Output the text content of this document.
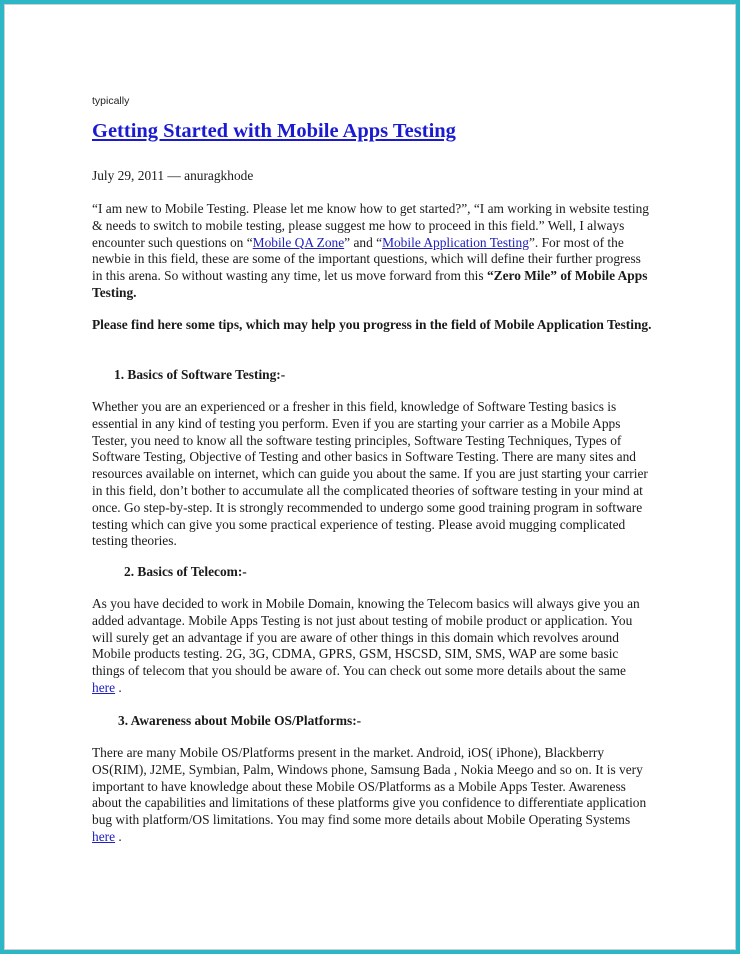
typically
Getting Started with Mobile Apps Testing
July 29, 2011 — anuragkhode

“I am new to Mobile Testing. Please let me know how to get started?”, “I am working in website testing & needs to switch to mobile testing, please suggest me how to proceed in this field.” Well, I always encounter such questions on “Mobile QA Zone” and “Mobile Application Testing”. For most of the newbie in this field, these are some of the important questions, which will define their further progress in this arena. So without wasting any time, let us move forward from this “Zero Mile” of Mobile Apps Testing.

Please find here some tips, which may help you progress in the field of Mobile Application Testing.

1. Basics of Software Testing:-

Whether you are an experienced or a fresher in this field, knowledge of Software Testing basics is essential in any kind of testing you perform. Even if you are starting your carrier as a Mobile Apps Tester, you need to know all the software testing principles, Software Testing Techniques, Types of Software Testing, Objective of Testing and other basics in Software Testing. There are many sites and resources available on internet, which can guide you about the same. If you are just starting your carrier in this field, don’t bother to accumulate all the complicated theories of software testing in your mind at once. Go step-by-step. It is strongly recommended to undergo some good training program in software testing which can give you some practical experience of testing. Please avoid mugging complicated testing theories.

2. Basics of Telecom:-

As you have decided to work in Mobile Domain, knowing the Telecom basics will always give you an added advantage. Mobile Apps Testing is not just about testing of mobile product or application. You will surely get an advantage if you are aware of other things in this domain which revolves around Mobile products testing. 2G, 3G, CDMA, GPRS, GSM, HSCSD, SIM, SMS, WAP are some basic things of telecom that you should be aware of. You can check out some more details about the same here .

3. Awareness about Mobile OS/Platforms:-

There are many Mobile OS/Platforms present in the market. Android, iOS( iPhone), Blackberry OS(RIM), J2ME, Symbian, Palm, Windows phone, Samsung Bada , Nokia Meego and so on. It is very important to have knowledge about these Mobile OS/Platforms as a Mobile Apps Tester. Awareness about the capabilities and limitations of these platforms give you confidence to differentiate application bug with platform/OS limitations. You may find some more details about Mobile Operating Systems here .
